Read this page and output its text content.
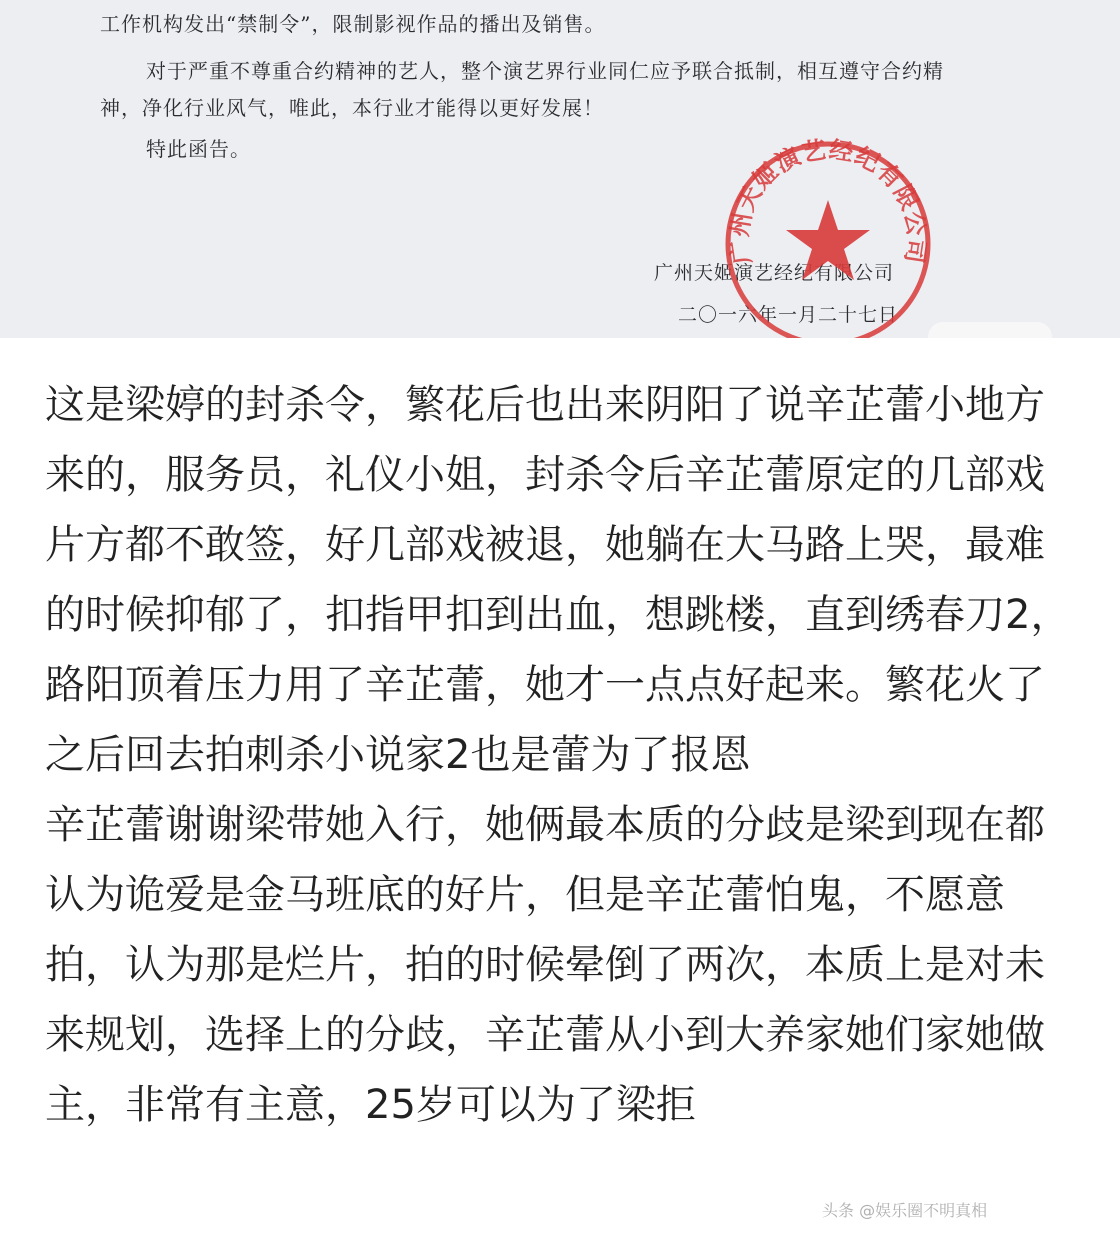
工作机构发出“禁制令”，限制影视作品的播出及销售。
对于严重不尊重合约精神的艺人，整个演艺界行业同仁应予联合抵制，相互遵守合约精
神，净化行业风气，唯此，本行业才能得以更好发展！
特此函告。
广州天姬演艺经纪有限公司
二〇一六年一月二十七日
广州天姬演艺经纪有限公司

这是梁婷的封杀令，繁花后也出来阴阳了说辛芷蕾小地方来的，服务员，礼仪小姐，封杀令后辛芷蕾原定的几部戏片方都不敢签，好几部戏被退，她躺在大马路上哭，最难的时候抑郁了，扣指甲扣到出血，想跳楼，直到绣春刀2，路阳顶着压力用了辛芷蕾，她才一点点好起来。繁花火了之后回去拍刺杀小说家2也是蕾为了报恩

辛芷蕾谢谢梁带她入行，她俩最本质的分歧是梁到现在都认为诡爱是金马班底的好片，但是辛芷蕾怕鬼，不愿意拍，认为那是烂片，拍的时候晕倒了两次，本质上是对未来规划，选择上的分歧，辛芷蕾从小到大养家她们家她做主，非常有主意，25岁可以为了梁拒

头条 @娱乐圈不明真相
